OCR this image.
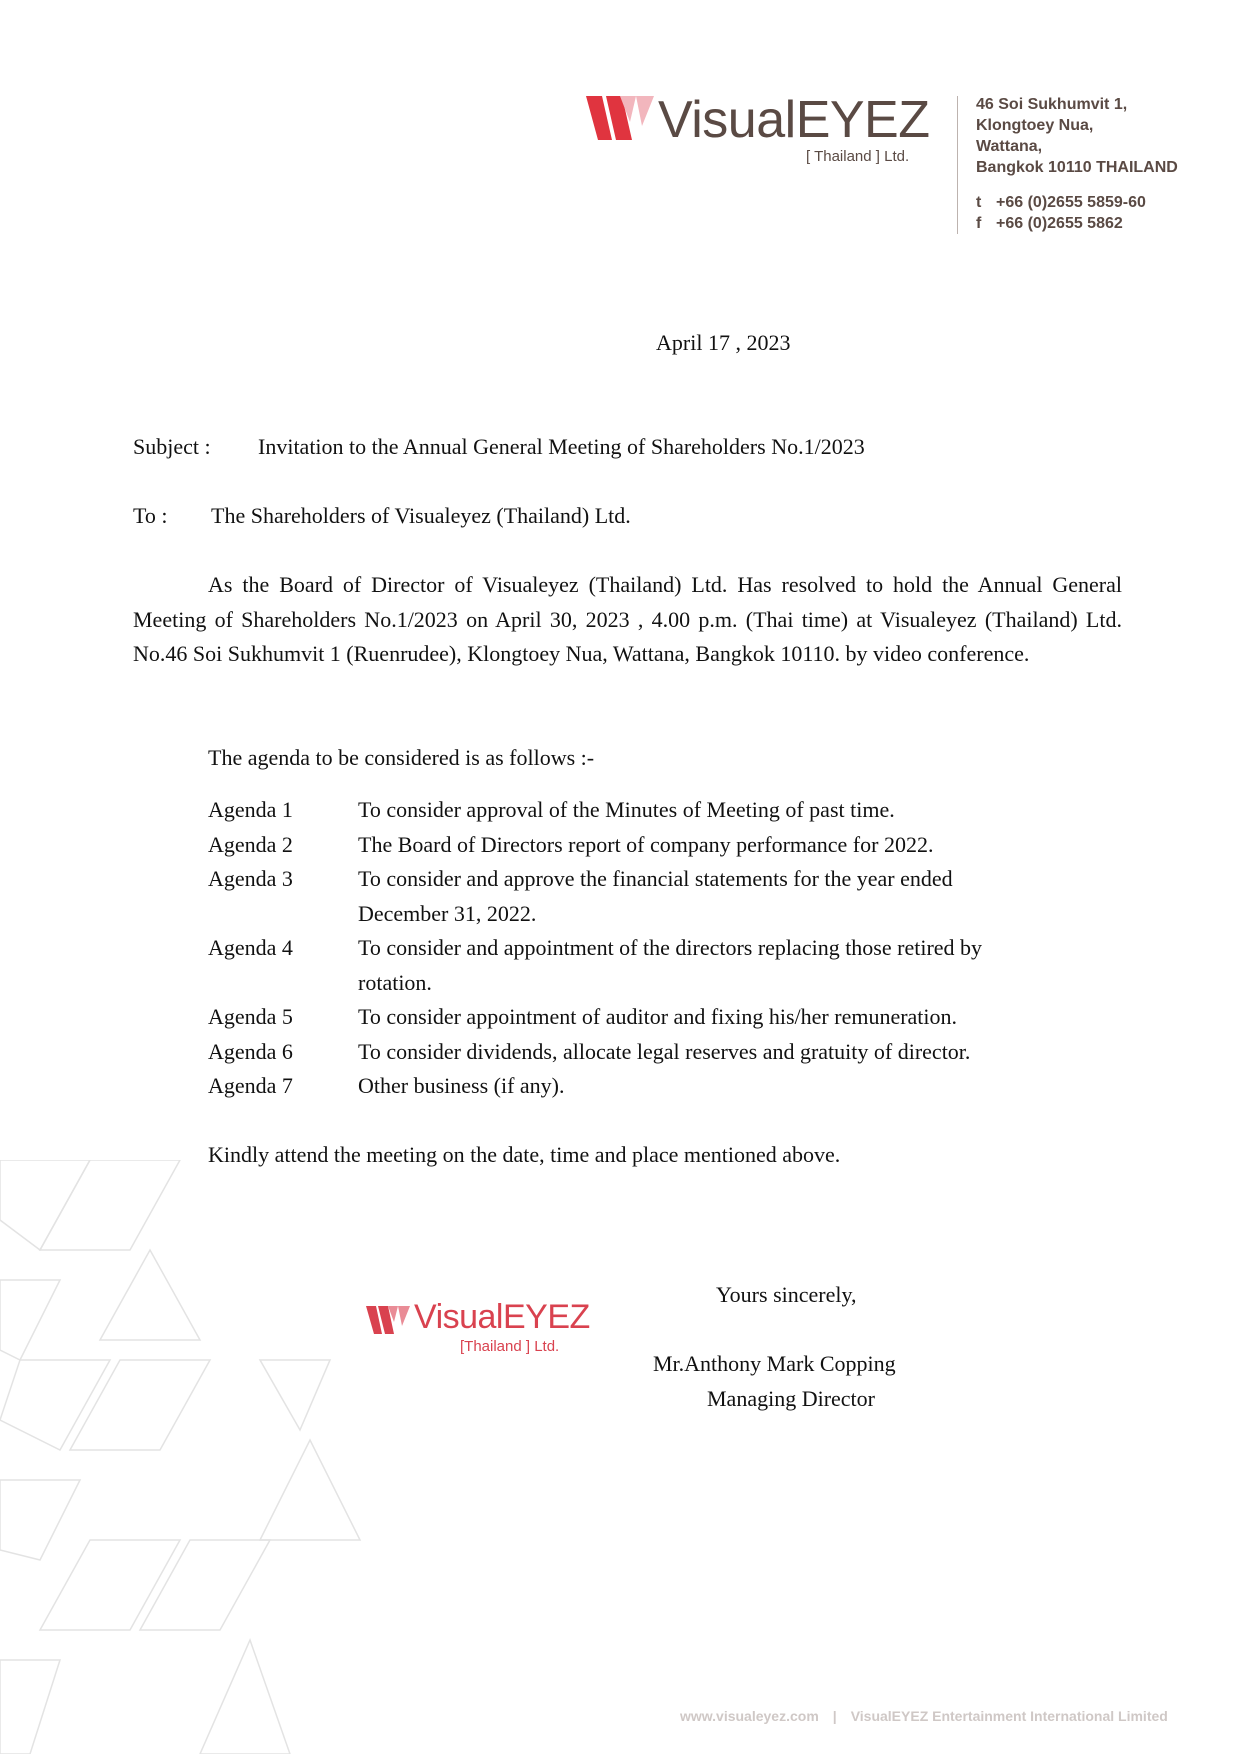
VisualEYEZ
[ Thailand ] Ltd.
46 Soi Sukhumvit 1,
Klongtoey Nua,
Wattana,
Bangkok 10110 THAILAND
t +66 (0)2655 5859-60
f +66 (0)2655 5862
April 17 , 2023
Subject : Invitation to the Annual General Meeting of Shareholders No.1/2023
To : The Shareholders of Visualeyez (Thailand) Ltd.
As the Board of Director of Visualeyez (Thailand) Ltd. Has resolved to hold the Annual General Meeting of Shareholders No.1/2023 on April 30, 2023 , 4.00 p.m. (Thai time) at Visualeyez (Thailand) Ltd. No.46 Soi Sukhumvit 1 (Ruenrudee), Klongtoey Nua, Wattana, Bangkok 10110. by video conference.
The agenda to be considered is as follows :-
Agenda 1	To consider approval of the Minutes of Meeting of past time.
Agenda 2	The Board of Directors report of company performance for 2022.
Agenda 3	To consider and approve the financial statements for the year ended December 31, 2022.
Agenda 4	To consider and appointment of the directors replacing those retired by rotation.
Agenda 5	To consider appointment of auditor and fixing his/her remuneration.
Agenda 6	To consider dividends, allocate legal reserves and gratuity of director.
Agenda 7	Other business (if any).
Kindly attend the meeting on the date, time and place mentioned above.
VisualEYEZ
[Thailand ] Ltd.
Yours sincerely,
Mr.Anthony Mark Copping
Managing Director
www.visualeyez.com | VisualEYEZ Entertainment International Limited
